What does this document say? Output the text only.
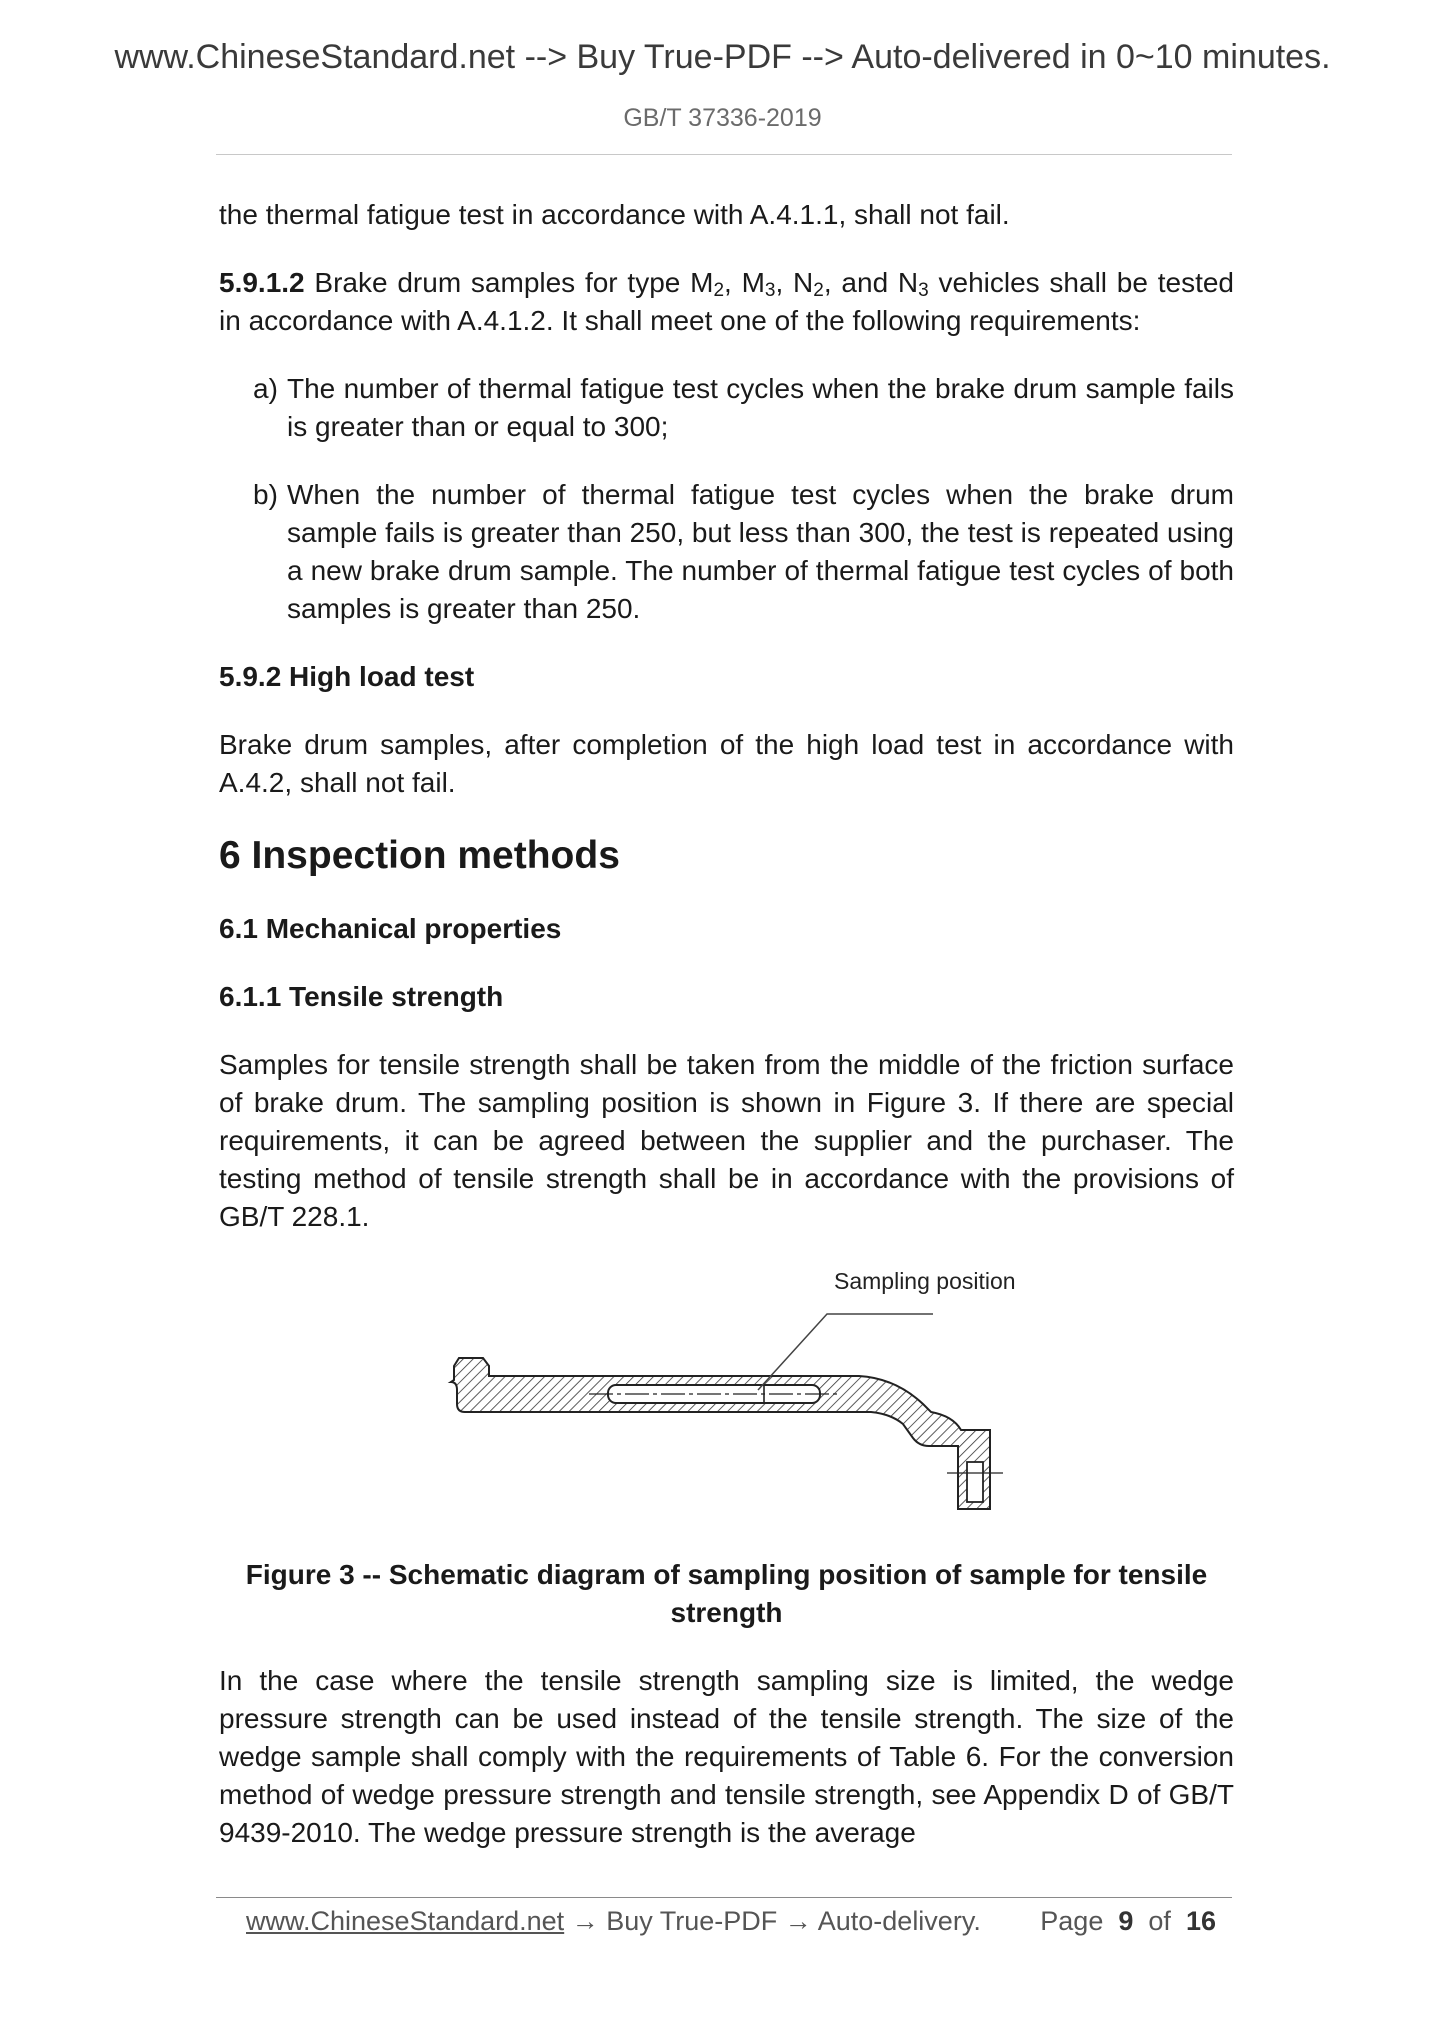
www.ChineseStandard.net --> Buy True-PDF --> Auto-delivered in 0~10 minutes.
GB/T 37336-2019

the thermal fatigue test in accordance with A.4.1.1, shall not fail.

5.9.1.2 Brake drum samples for type $M_2$, $M_3$, $N_2$, and $N_3$ vehicles shall be tested in accordance with A.4.1.2. It shall meet one of the following requirements:

a) The number of thermal fatigue test cycles when the brake drum sample fails is greater than or equal to 300;
b) When the number of thermal fatigue test cycles when the brake drum sample fails is greater than 250, but less than 300, the test is repeated using a new brake drum sample. The number of thermal fatigue test cycles of both samples is greater than 250.

5.9.2 High load test

Brake drum samples, after completion of the high load test in accordance with A.4.2, shall not fail.

6 Inspection methods

6.1 Mechanical properties

6.1.1 Tensile strength

Samples for tensile strength shall be taken from the middle of the friction surface of brake drum. The sampling position is shown in Figure 3. If there are special requirements, it can be agreed between the supplier and the purchaser. The testing method of tensile strength shall be in accordance with the provisions of GB/T 228.1.

Sampling position

Figure 3 -- Schematic diagram of sampling position of sample for tensile strength

In the case where the tensile strength sampling size is limited, the wedge pressure strength can be used instead of the tensile strength. The size of the wedge sample shall comply with the requirements of Table 6. For the conversion method of wedge pressure strength and tensile strength, see Appendix D of GB/T 9439-2010. The wedge pressure strength is the average

www.ChineseStandard.net → Buy True-PDF → Auto-delivery. Page 9 of 16
